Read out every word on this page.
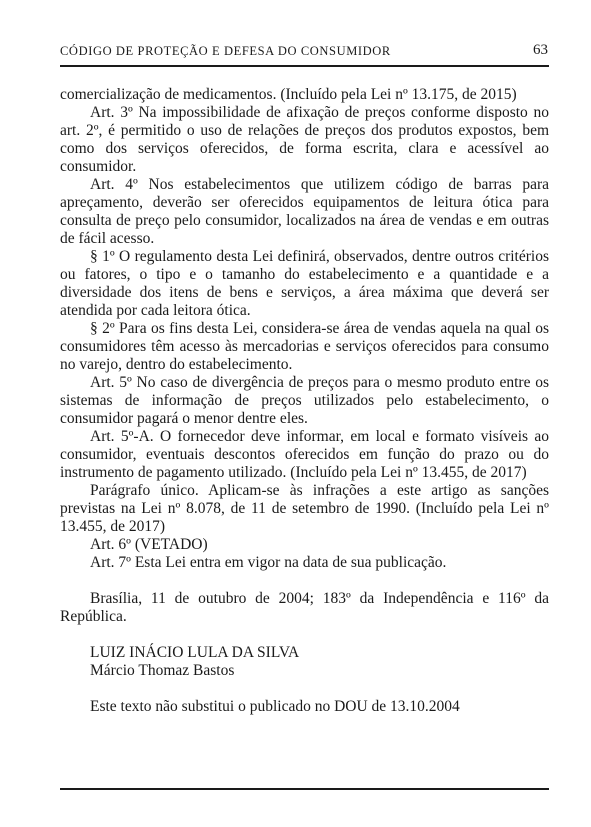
CÓDIGO DE PROTEÇÃO E DEFESA DO CONSUMIDOR	63

comercialização de medicamentos. (Incluído pela Lei nº 13.175, de 2015)

Art. 3º Na impossibilidade de afixação de preços conforme disposto no art. 2º, é permitido o uso de relações de preços dos produtos expostos, bem como dos serviços oferecidos, de forma escrita, clara e acessível ao consumidor.

Art. 4º Nos estabelecimentos que utilizem código de barras para apreçamento, deverão ser oferecidos equipamentos de leitura ótica para consulta de preço pelo consumidor, localizados na área de vendas e em outras de fácil acesso.

§ 1º O regulamento desta Lei definirá, observados, dentre outros critérios ou fatores, o tipo e o tamanho do estabelecimento e a quantidade e a diversidade dos itens de bens e serviços, a área máxima que deverá ser atendida por cada leitora ótica.

§ 2º Para os fins desta Lei, considera-se área de vendas aquela na qual os consumidores têm acesso às mercadorias e serviços oferecidos para consumo no varejo, dentro do estabelecimento.

Art. 5º No caso de divergência de preços para o mesmo produto entre os sistemas de informação de preços utilizados pelo estabelecimento, o consumidor pagará o menor dentre eles.

Art. 5º-A. O fornecedor deve informar, em local e formato visíveis ao consumidor, eventuais descontos oferecidos em função do prazo ou do instrumento de pagamento utilizado. (Incluído pela Lei nº 13.455, de 2017)

Parágrafo único. Aplicam-se às infrações a este artigo as sanções previstas na Lei nº 8.078, de 11 de setembro de 1990. (Incluído pela Lei nº 13.455, de 2017)

Art. 6º (VETADO)

Art. 7º Esta Lei entra em vigor na data de sua publicação.

Brasília, 11 de outubro de 2004; 183º da Independência e 116º da República.

LUIZ INÁCIO LULA DA SILVA

Márcio Thomaz Bastos

Este texto não substitui o publicado no DOU de 13.10.2004
